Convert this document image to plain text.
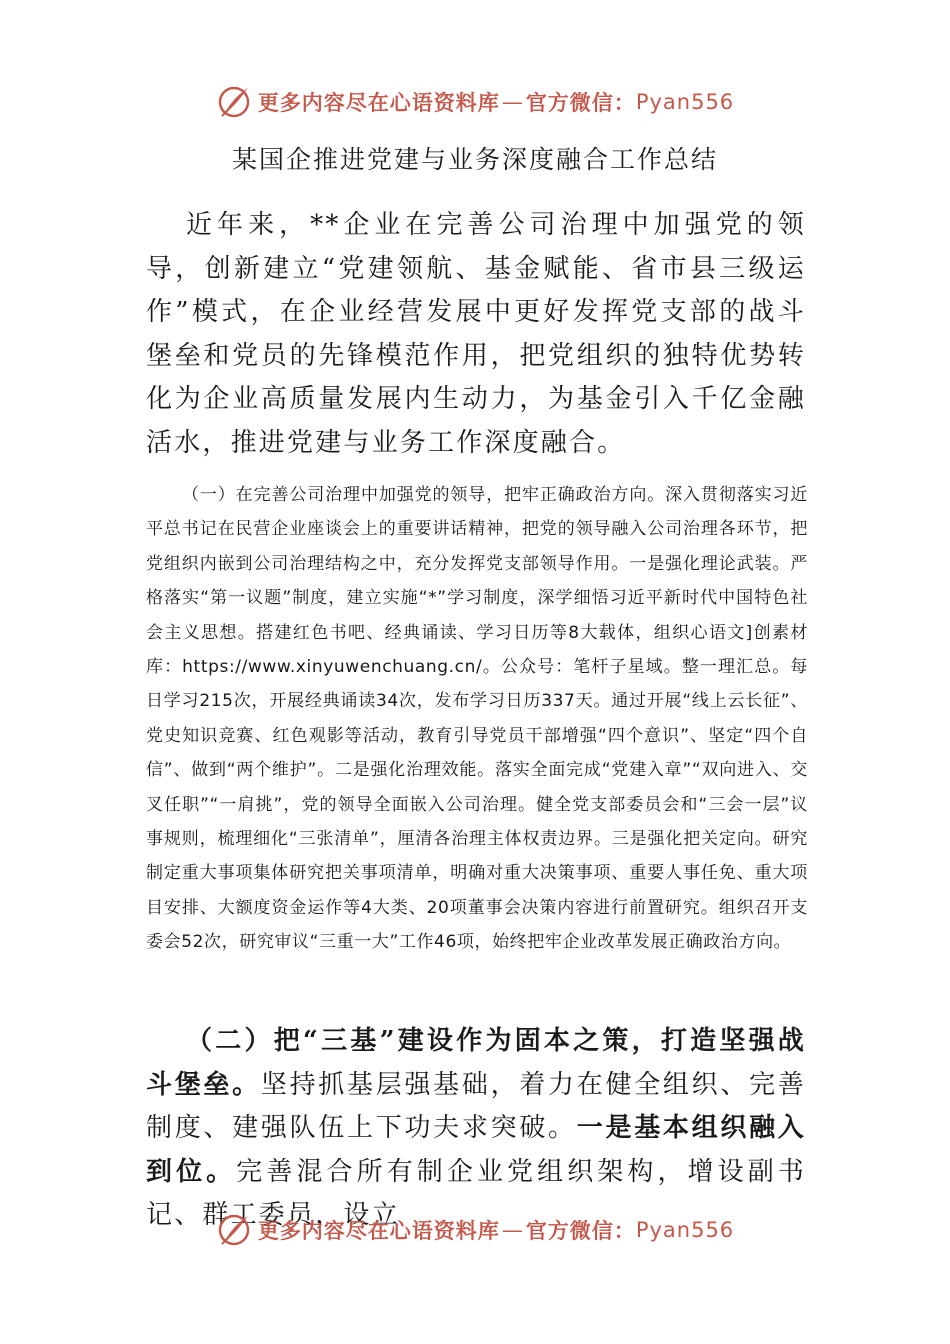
更多内容尽在心语资料库 — 官方微信： Pyan556
某国企推进党建与业务深度融合工作总结

近年来，**企业在完善公司治理中加强党的领导，创新建立“党建领航、基金赋能、省市县三级运作”模式，在企业经营发展中更好发挥党支部的战斗堡垒和党员的先锋模范作用，把党组织的独特优势转化为企业高质量发展内生动力，为基金引入千亿金融活水，推进党建与业务工作深度融合。

（一）在完善公司治理中加强党的领导，把牢正确政治方向。深入贯彻落实习近平总书记在民营企业座谈会上的重要讲话精神，把党的领导融入公司治理各环节，把党组织内嵌到公司治理结构之中，充分发挥党支部领导作用。一是强化理论武装。严格落实“第一议题”制度，建立实施“*”学习制度，深学细悟习近平新时代中国特色社会主义思想。搭建红色书吧、经典诵读、学习日历等8大载体，组织心语文]创素材库：https://www.xinyuwenchuang.cn/。公众号：笔杆子星域。整一理汇总。每日学习215次，开展经典诵读34次，发布学习日历337天。通过开展“线上云长征”、党史知识竞赛、红色观影等活动，教育引导党员干部增强“四个意识”、坚定“四个自信”、做到“两个维护”。二是强化治理效能。落实全面完成“党建入章”“双向进入、交叉任职”“一肩挑”，党的领导全面嵌入公司治理。健全党支部委员会和“三会一层”议事规则，梳理细化“三张清单”，厘清各治理主体权责边界。三是强化把关定向。研究制定重大事项集体研究把关事项清单，明确对重大决策事项、重要人事任免、重大项目安排、大额度资金运作等4大类、20项董事会决策内容进行前置研究。组织召开支委会52次，研究审议“三重一大”工作46项，始终把牢企业改革发展正确政治方向。

（二）把“三基”建设作为固本之策，打造坚强战斗堡垒。坚持抓基层强基础，着力在健全组织、完善制度、建强队伍上下功夫求突破。一是基本组织融入到位。完善混合所有制企业党组织架构，增设副书记、群工委员，设立

更多内容尽在心语资料库 — 官方微信： Pyan556
